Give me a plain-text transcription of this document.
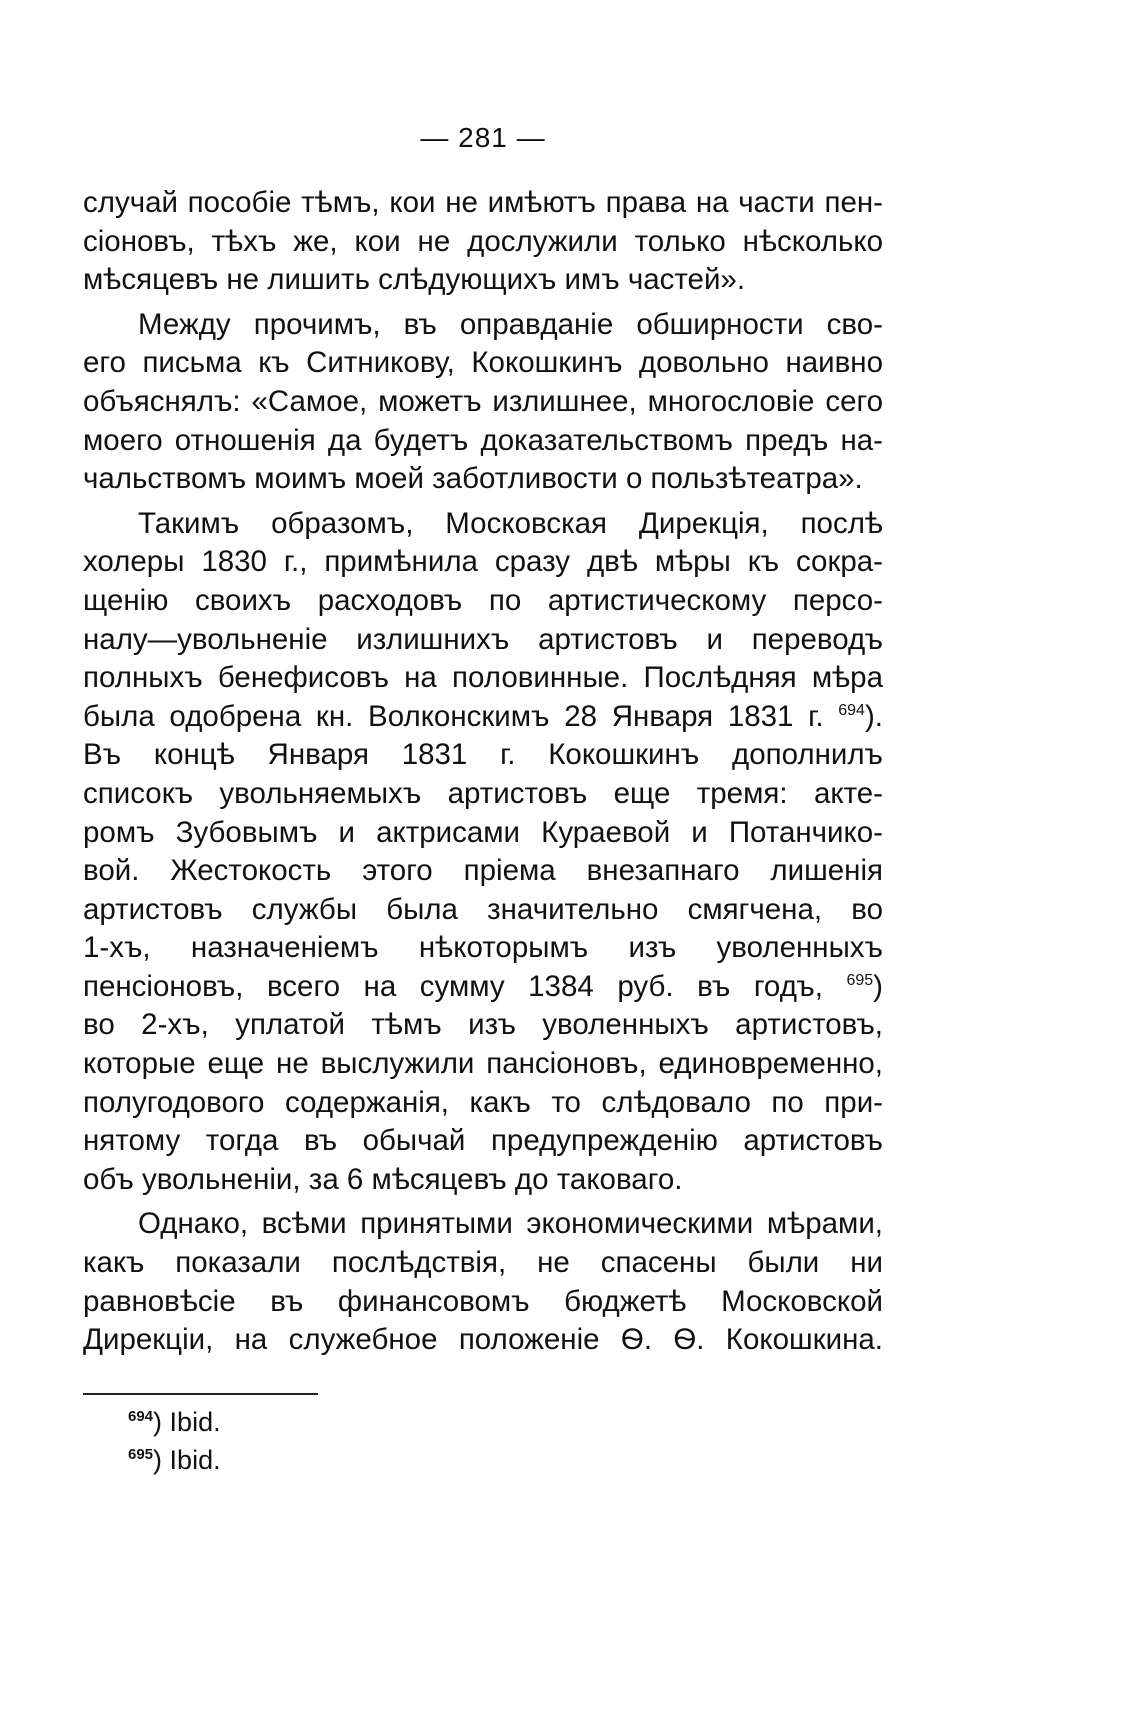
— 281 —
случай пособіе тѣмъ, кои не имѣютъ права на части пен-
сіоновъ, тѣхъ же, кои не дослужили только нѣсколько
мѣсяцевъ не лишить слѣдующихъ имъ частей».
Между прочимъ, въ оправданіе обширности сво-
его письма къ Ситникову, Кокошкинъ довольно наивно
объяснялъ: «Самое, можетъ излишнее, многословіе сего
моего отношенія да будетъ доказательствомъ предъ на-
чальствомъ моимъ моей заботливости о пользѣтеатра».
Такимъ образомъ, Московская Дирекція, послѣ
холеры 1830 г., примѣнила сразу двѣ мѣры къ сокра-
щенію своихъ расходовъ по артистическому персо-
налу—увольненіе излишнихъ артистовъ и переводъ
полныхъ бенефисовъ на половинные. Послѣдняя мѣра
была одобрена кн. Волконскимъ 28 Января 1831 г. $^{694}$).
Въ концѣ Января 1831 г. Кокошкинъ дополнилъ
списокъ увольняемыхъ артистовъ еще тремя: акте-
ромъ Зубовымъ и актрисами Кураевой и Потанчико-
вой. Жестокость этого пріема внезапнаго лишенія
артистовъ службы была значительно смягчена, во
1-хъ, назначеніемъ нѣкоторымъ изъ уволенныхъ
пенсіоновъ, всего на сумму 1384 руб. въ годъ, $^{695}$)
во 2-хъ, уплатой тѣмъ изъ уволенныхъ артистовъ,
которые еще не выслужили пансіоновъ, единовременно,
полугодового содержанія, какъ то слѣдовало по при-
нятому тогда въ обычай предупрежденію артистовъ
объ увольненіи, за 6 мѣсяцевъ до таковаго.
Однако, всѣми принятыми экономическими мѣрами,
какъ показали послѣдствія, не спасены были ни
равновѣсіе въ финансовомъ бюджетѣ Московской
Дирекціи, на служебное положеніе Ѳ. Ѳ. Кокошкина.
$^{694}$) Ibid.
$^{695}$) Ibid.
